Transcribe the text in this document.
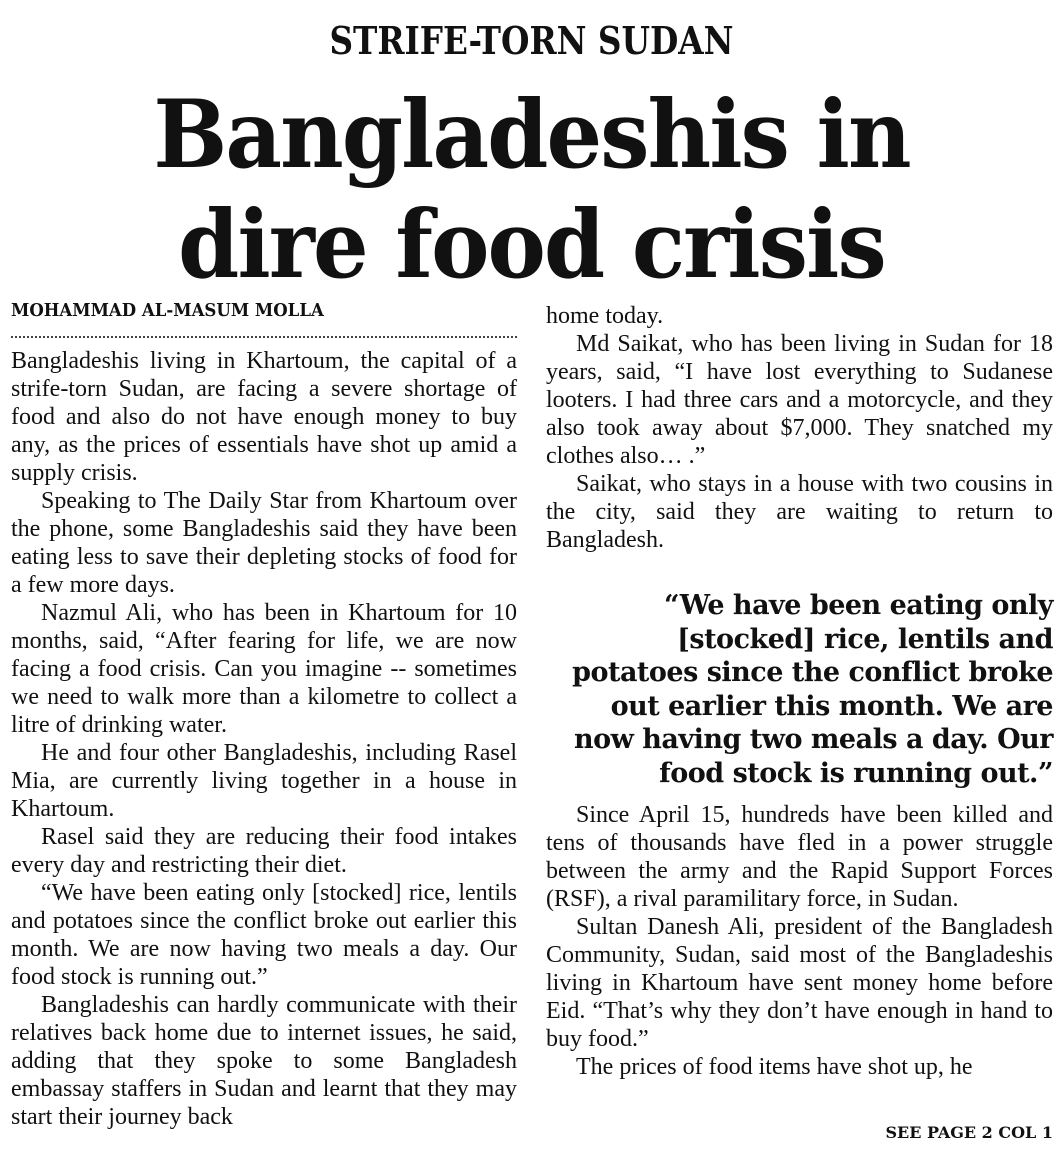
STRIFE-TORN SUDAN
Bangladeshis in
dire food crisis
MOHAMMAD AL-MASUM MOLLA

Bangladeshis living in Khartoum, the capital of a strife-torn Sudan, are facing a severe shortage of food and also do not have enough money to buy any, as the prices of essentials have shot up amid a supply crisis.

Speaking to The Daily Star from Khartoum over the phone, some Bangladeshis said they have been eating less to save their depleting stocks of food for a few more days.

Nazmul Ali, who has been in Khartoum for 10 months, said, “After fearing for life, we are now facing a food crisis. Can you imagine -- sometimes we need to walk more than a kilometre to collect a litre of drinking water.

He and four other Bangladeshis, including Rasel Mia, are currently living together in a house in Khartoum.

Rasel said they are reducing their food intakes every day and restricting their diet.

“We have been eating only [stocked] rice, lentils and potatoes since the conflict broke out earlier this month. We are now having two meals a day. Our food stock is running out.”

Bangladeshis can hardly communicate with their relatives back home due to internet issues, he said, adding that they spoke to some Bangladesh embassay staffers in Sudan and learnt that they may start their journey back

home today.

Md Saikat, who has been living in Sudan for 18 years, said, “I have lost everything to Sudanese looters. I had three cars and a motorcycle, and they also took away about $7,000. They snatched my clothes also… .”

Saikat, who stays in a house with two cousins in the city, said they are waiting to return to Bangladesh.

“We have been eating only
[stocked] rice, lentils and
potatoes since the conflict broke
out earlier this month. We are
now having two meals a day. Our
food stock is running out.”

Since April 15, hundreds have been killed and tens of thousands have fled in a power struggle between the army and the Rapid Support Forces (RSF), a rival paramilitary force, in Sudan.

Sultan Danesh Ali, president of the Bangladesh Community, Sudan, said most of the Bangladeshis living in Khartoum have sent money home before Eid. “That’s why they don’t have enough in hand to buy food.”

The prices of food items have shot up, he

SEE PAGE 2 COL 1
